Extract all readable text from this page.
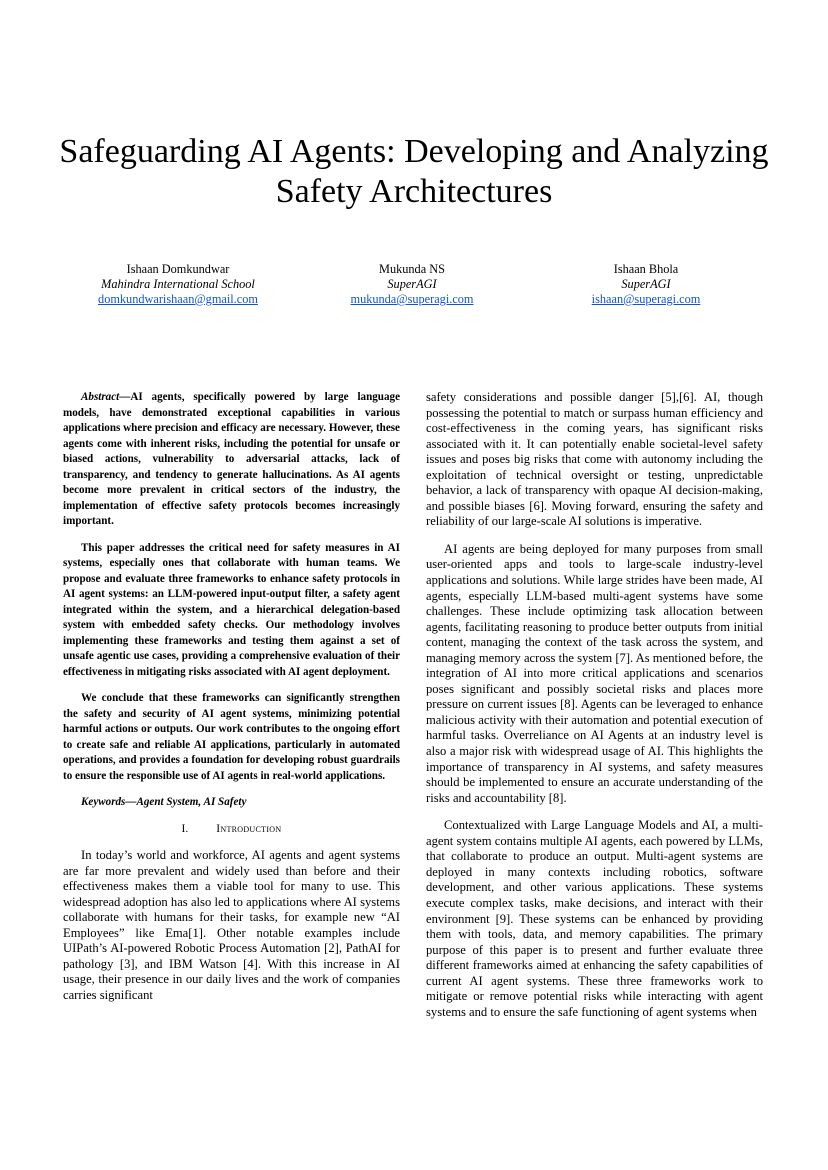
Safeguarding AI Agents: Developing and Analyzing Safety Architectures
Ishaan Domkundwar
Mahindra International School
domkundwarishaan@gmail.com
Mukunda NS
SuperAGI
mukunda@superagi.com
Ishaan Bhola
SuperAGI
ishaan@superagi.com

Abstract—AI agents, specifically powered by large language models, have demonstrated exceptional capabilities in various applications where precision and efficacy are necessary. However, these agents come with inherent risks, including the potential for unsafe or biased actions, vulnerability to adversarial attacks, lack of transparency, and tendency to generate hallucinations. As AI agents become more prevalent in critical sectors of the industry, the implementation of effective safety protocols becomes increasingly important.

This paper addresses the critical need for safety measures in AI systems, especially ones that collaborate with human teams. We propose and evaluate three frameworks to enhance safety protocols in AI agent systems: an LLM-powered input-output filter, a safety agent integrated within the system, and a hierarchical delegation-based system with embedded safety checks. Our methodology involves implementing these frameworks and testing them against a set of unsafe agentic use cases, providing a comprehensive evaluation of their effectiveness in mitigating risks associated with AI agent deployment.

We conclude that these frameworks can significantly strengthen the safety and security of AI agent systems, minimizing potential harmful actions or outputs. Our work contributes to the ongoing effort to create safe and reliable AI applications, particularly in automated operations, and provides a foundation for developing robust guardrails to ensure the responsible use of AI agents in real-world applications.

Keywords—Agent System, AI Safety

I. Introduction

In today’s world and workforce, AI agents and agent systems are far more prevalent and widely used than before and their effectiveness makes them a viable tool for many to use. This widespread adoption has also led to applications where AI systems collaborate with humans for their tasks, for example new “AI Employees” like Ema[1]. Other notable examples include UIPath’s AI-powered Robotic Process Automation [2], PathAI for pathology [3], and IBM Watson [4]. With this increase in AI usage, their presence in our daily lives and the work of companies carries significant

safety considerations and possible danger [5],[6]. AI, though possessing the potential to match or surpass human efficiency and cost-effectiveness in the coming years, has significant risks associated with it. It can potentially enable societal-level safety issues and poses big risks that come with autonomy including the exploitation of technical oversight or testing, unpredictable behavior, a lack of transparency with opaque AI decision-making, and possible biases [6]. Moving forward, ensuring the safety and reliability of our large-scale AI solutions is imperative.

AI agents are being deployed for many purposes from small user-oriented apps and tools to large-scale industry-level applications and solutions. While large strides have been made, AI agents, especially LLM-based multi-agent systems have some challenges. These include optimizing task allocation between agents, facilitating reasoning to produce better outputs from initial content, managing the context of the task across the system, and managing memory across the system [7]. As mentioned before, the integration of AI into more critical applications and scenarios poses significant and possibly societal risks and places more pressure on current issues [8]. Agents can be leveraged to enhance malicious activity with their automation and potential execution of harmful tasks. Overreliance on AI Agents at an industry level is also a major risk with widespread usage of AI. This highlights the importance of transparency in AI systems, and safety measures should be implemented to ensure an accurate understanding of the risks and accountability [8].

Contextualized with Large Language Models and AI, a multi-agent system contains multiple AI agents, each powered by LLMs, that collaborate to produce an output. Multi-agent systems are deployed in many contexts including robotics, software development, and other various applications. These systems execute complex tasks, make decisions, and interact with their environment [9]. These systems can be enhanced by providing them with tools, data, and memory capabilities. The primary purpose of this paper is to present and further evaluate three different frameworks aimed at enhancing the safety capabilities of current AI agent systems. These three frameworks work to mitigate or remove potential risks while interacting with agent systems and to ensure the safe functioning of agent systems when
